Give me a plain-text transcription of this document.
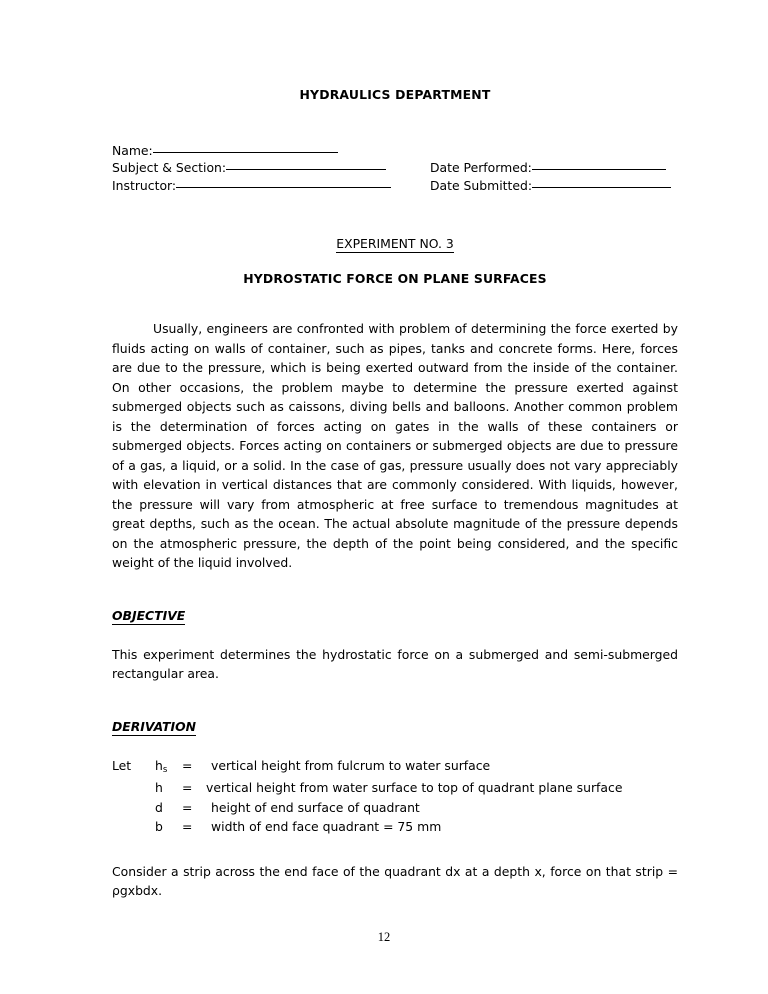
HYDRAULICS DEPARTMENT
Name:
Subject & Section:	Date Performed:
Instructor:	Date Submitted:
EXPERIMENT NO. 3
HYDROSTATIC FORCE ON PLANE SURFACES

Usually, engineers are confronted with problem of determining the force exerted by fluids acting on walls of container, such as pipes, tanks and concrete forms. Here, forces are due to the pressure, which is being exerted outward from the inside of the container. On other occasions, the problem maybe to determine the pressure exerted against submerged objects such as caissons, diving bells and balloons. Another common problem is the determination of forces acting on gates in the walls of these containers or submerged objects. Forces acting on containers or submerged objects are due to pressure of a gas, a liquid, or a solid. In the case of gas, pressure usually does not vary appreciably with elevation in vertical distances that are commonly considered. With liquids, however, the pressure will vary from atmospheric at free surface to tremendous magnitudes at great depths, such as the ocean. The actual absolute magnitude of the pressure depends on the atmospheric pressure, the depth of the point being considered, and the specific weight of the liquid involved.

OBJECTIVE

This experiment determines the hydrostatic force on a submerged and semi-submerged rectangular area.

DERIVATION
Let	$h_s$	=	vertical height from fulcrum to water surface
h	=	vertical height from water surface to top of quadrant plane surface
d	=	height of end surface of quadrant
b	=	width of end face quadrant = 75 mm

Consider a strip across the end face of the quadrant dx at a depth x, force on that strip = ρgxbdx.

12
